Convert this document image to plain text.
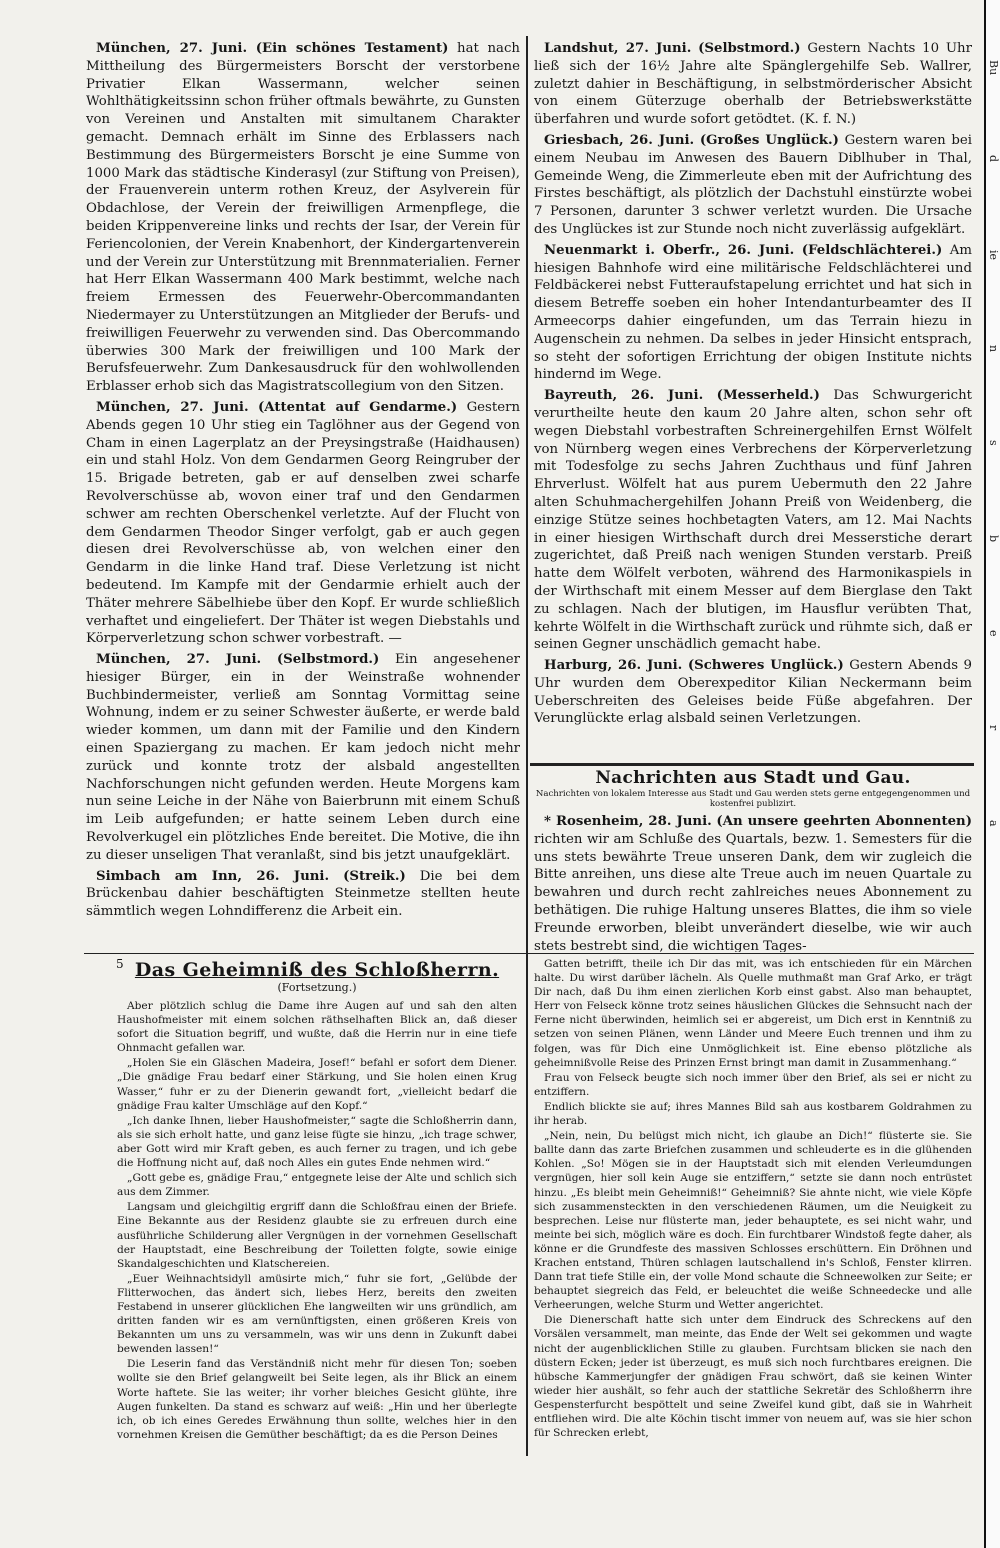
München, 27. Juni. (Ein schönes Testament) hat nach Mittheilung des Bürgermeisters Borscht der verstorbene Privatier Elkan Wassermann, welcher seinen Wohlthätigkeitssinn schon früher oftmals bewährte, zu Gunsten von Vereinen und Anstalten mit simultanem Charakter gemacht. Demnach erhält im Sinne des Erblassers nach Bestimmung des Bürgermeisters Borscht je eine Summe von 1000 Mark das städtische Kinderasyl (zur Stiftung von Preisen), der Frauenverein unterm rothen Kreuz, der Asylverein für Obdachlose, der Verein der freiwilligen Armenpflege, die beiden Krippenvereine links und rechts der Isar, der Verein für Feriencolonien, der Verein Knabenhort, der Kindergartenverein und der Verein zur Unterstützung mit Brennmaterialien. Ferner hat Herr Elkan Wassermann 400 Mark bestimmt, welche nach freiem Ermessen des Feuerwehr-Obercommandanten Niedermayer zu Unterstützungen an Mitglieder der Berufs- und freiwilligen Feuerwehr zu verwenden sind. Das Obercommando überwies 300 Mark der freiwilligen und 100 Mark der Berufsfeuerwehr. Zum Dankesausdruck für den wohlwollenden Erblasser erhob sich das Magistratscollegium von den Sitzen.

München, 27. Juni. (Attentat auf Gendarme.) Gestern Abends gegen 10 Uhr stieg ein Taglöhner aus der Gegend von Cham in einen Lagerplatz an der Preysingstraße (Haidhausen) ein und stahl Holz. Von dem Gendarmen Georg Reingruber der 15. Brigade betreten, gab er auf denselben zwei scharfe Revolverschüsse ab, wovon einer traf und den Gendarmen schwer am rechten Oberschenkel verletzte. Auf der Flucht von dem Gendarmen Theodor Singer verfolgt, gab er auch gegen diesen drei Revolverschüsse ab, von welchen einer den Gendarm in die linke Hand traf. Diese Verletzung ist nicht bedeutend. Im Kampfe mit der Gendarmie erhielt auch der Thäter mehrere Säbelhiebe über den Kopf. Er wurde schließlich verhaftet und eingeliefert. Der Thäter ist wegen Diebstahls und Körperverletzung schon schwer vorbestraft. —

München, 27. Juni. (Selbstmord.) Ein angesehener hiesiger Bürger, ein in der Weinstraße wohnender Buchbindermeister, verließ am Sonntag Vormittag seine Wohnung, indem er zu seiner Schwester äußerte, er werde bald wieder kommen, um dann mit der Familie und den Kindern einen Spaziergang zu machen. Er kam jedoch nicht mehr zurück und konnte trotz der alsbald angestellten Nachforschungen nicht gefunden werden. Heute Morgens kam nun seine Leiche in der Nähe von Baierbrunn mit einem Schuß im Leib aufgefunden; er hatte seinem Leben durch eine Revolverkugel ein plötzliches Ende bereitet. Die Motive, die ihn zu dieser unseligen That veranlaßt, sind bis jetzt unaufgeklärt.

Simbach am Inn, 26. Juni. (Streik.) Die bei dem Brückenbau dahier beschäftigten Steinmetze stellten heute sämmtlich wegen Lohndifferenz die Arbeit ein.

Landshut, 27. Juni. (Selbstmord.) Gestern Nachts 10 Uhr ließ sich der 16½ Jahre alte Spänglergehilfe Seb. Wallrer, zuletzt dahier in Beschäftigung, in selbstmörderischer Absicht von einem Güterzuge oberhalb der Betriebswerkstätte überfahren und wurde sofort getödtet. (K. f. N.)

Griesbach, 26. Juni. (Großes Unglück.) Gestern waren bei einem Neubau im Anwesen des Bauern Diblhuber in Thal, Gemeinde Weng, die Zimmerleute eben mit der Aufrichtung des Firstes beschäftigt, als plötzlich der Dachstuhl einstürzte wobei 7 Personen, darunter 3 schwer verletzt wurden. Die Ursache des Unglückes ist zur Stunde noch nicht zuverlässig aufgeklärt.

Neuenmarkt i. Oberfr., 26. Juni. (Feldschlächterei.) Am hiesigen Bahnhofe wird eine militärische Feldschlächterei und Feldbäckerei nebst Futteraufstapelung errichtet und hat sich in diesem Betreffe soeben ein hoher Intendanturbeamter des II Armeecorps dahier eingefunden, um das Terrain hiezu in Augenschein zu nehmen. Da selbes in jeder Hinsicht entsprach, so steht der sofortigen Errichtung der obigen Institute nichts hindernd im Wege.

Bayreuth, 26. Juni. (Messerheld.) Das Schwurgericht verurtheilte heute den kaum 20 Jahre alten, schon sehr oft wegen Diebstahl vorbestraften Schreinergehilfen Ernst Wölfelt von Nürnberg wegen eines Verbrechens der Körperverletzung mit Todesfolge zu sechs Jahren Zuchthaus und fünf Jahren Ehrverlust. Wölfelt hat aus purem Uebermuth den 22 Jahre alten Schuhmachergehilfen Johann Preiß von Weidenberg, die einzige Stütze seines hochbetagten Vaters, am 12. Mai Nachts in einer hiesigen Wirthschaft durch drei Messerstiche derart zugerichtet, daß Preiß nach wenigen Stunden verstarb. Preiß hatte dem Wölfelt verboten, während des Harmonikaspiels in der Wirthschaft mit einem Messer auf dem Bierglase den Takt zu schlagen. Nach der blutigen, im Hausflur verübten That, kehrte Wölfelt in die Wirthschaft zurück und rühmte sich, daß er seinen Gegner unschädlich gemacht habe.

Harburg, 26. Juni. (Schweres Unglück.) Gestern Abends 9 Uhr wurden dem Oberexpeditor Kilian Neckermann beim Ueberschreiten des Geleises beide Füße abgefahren. Der Verunglückte erlag alsbald seinen Verletzungen.

Nachrichten aus Stadt und Gau.
Nachrichten von lokalem Interesse aus Stadt und Gau werden stets gerne entgegengenommen und kostenfrei publizirt.

* Rosenheim, 28. Juni. (An unsere geehrten Abonnenten) richten wir am Schluße des Quartals, bezw. 1. Semesters für die uns stets bewährte Treue unseren Dank, dem wir zugleich die Bitte anreihen, uns diese alte Treue auch im neuen Quartale zu bewahren und durch recht zahlreiches neues Abonnement zu bethätigen. Die ruhige Haltung unseres Blattes, die ihm so viele Freunde erworben, bleibt unverändert dieselbe, wie wir auch stets bestrebt sind, die wichtigen Tages-

5 Das Geheimniß des Schloßherrn.
(Fortsetzung.)

Aber plötzlich schlug die Dame ihre Augen auf und sah den alten Haushofmeister mit einem solchen räthselhaften Blick an, daß dieser sofort die Situation begriff, und wußte, daß die Herrin nur in eine tiefe Ohnmacht gefallen war.

„Holen Sie ein Gläschen Madeira, Josef!“ befahl er sofort dem Diener. „Die gnädige Frau bedarf einer Stärkung, und Sie holen einen Krug Wasser,“ fuhr er zu der Dienerin gewandt fort, „vielleicht bedarf die gnädige Frau kalter Umschläge auf den Kopf.“

„Ich danke Ihnen, lieber Haushofmeister,“ sagte die Schloßherrin dann, als sie sich erholt hatte, und ganz leise fügte sie hinzu, „ich trage schwer, aber Gott wird mir Kraft geben, es auch ferner zu tragen, und ich gebe die Hoffnung nicht auf, daß noch Alles ein gutes Ende nehmen wird.“

„Gott gebe es, gnädige Frau,“ entgegnete leise der Alte und schlich sich aus dem Zimmer.

Langsam und gleichgiltig ergriff dann die Schloßfrau einen der Briefe. Eine Bekannte aus der Residenz glaubte sie zu erfreuen durch eine ausführliche Schilderung aller Vergnügen in der vornehmen Gesellschaft der Hauptstadt, eine Beschreibung der Toiletten folgte, sowie einige Skandalgeschichten und Klatschereien.

„Euer Weihnachtsidyll amüsirte mich,“ fuhr sie fort, „Gelübde der Flitterwochen, das ändert sich, liebes Herz, bereits den zweiten Festabend in unserer glücklichen Ehe langweilten wir uns gründlich, am dritten fanden wir es am vernünftigsten, einen größeren Kreis von Bekannten um uns zu versammeln, was wir uns denn in Zukunft dabei bewenden lassen!“

Die Leserin fand das Verständniß nicht mehr für diesen Ton; soeben wollte sie den Brief gelangweilt bei Seite legen, als ihr Blick an einem Worte haftete. Sie las weiter; ihr vorher bleiches Gesicht glühte, ihre Augen funkelten. Da stand es schwarz auf weiß: „Hin und her überlegte ich, ob ich eines Geredes Erwähnung thun sollte, welches hier in den vornehmen Kreisen die Gemüther beschäftigt; da es die Person Deines

Gatten betrifft, theile ich Dir das mit, was ich entschieden für ein Märchen halte. Du wirst darüber lächeln. Als Quelle muthmaßt man Graf Arko, er trägt Dir nach, daß Du ihm einen zierlichen Korb einst gabst. Also man behauptet, Herr von Felseck könne trotz seines häuslichen Glückes die Sehnsucht nach der Ferne nicht überwinden, heimlich sei er abgereist, um Dich erst in Kenntniß zu setzen von seinen Plänen, wenn Länder und Meere Euch trennen und ihm zu folgen, was für Dich eine Unmöglichkeit ist. Eine ebenso plötzliche als geheimnißvolle Reise des Prinzen Ernst bringt man damit in Zusammenhang.“

Frau von Felseck beugte sich noch immer über den Brief, als sei er nicht zu entziffern.

Endlich blickte sie auf; ihres Mannes Bild sah aus kostbarem Goldrahmen zu ihr herab.

„Nein, nein, Du belügst mich nicht, ich glaube an Dich!“ flüsterte sie. Sie ballte dann das zarte Briefchen zusammen und schleuderte es in die glühenden Kohlen. „So! Mögen sie in der Hauptstadt sich mit elenden Verleumdungen vergnügen, hier soll kein Auge sie entziffern,“ setzte sie dann noch entrüstet hinzu. „Es bleibt mein Geheimniß!“ Geheimniß? Sie ahnte nicht, wie viele Köpfe sich zusammensteckten in den verschiedenen Räumen, um die Neuigkeit zu besprechen. Leise nur flüsterte man, jeder behauptete, es sei nicht wahr, und meinte bei sich, möglich wäre es doch. Ein furchtbarer Windstoß fegte daher, als könne er die Grundfeste des massiven Schlosses erschüttern. Ein Dröhnen und Krachen entstand, Thüren schlagen lautschallend in's Schloß, Fenster klirren. Dann trat tiefe Stille ein, der volle Mond schaute die Schneewolken zur Seite; er behauptet siegreich das Feld, er beleuchtet die weiße Schneedecke und alle Verheerungen, welche Sturm und Wetter angerichtet.

Die Dienerschaft hatte sich unter dem Eindruck des Schreckens auf den Vorsälen versammelt, man meinte, das Ende der Welt sei gekommen und wagte nicht der augenblicklichen Stille zu glauben. Furchtsam blicken sie nach den düstern Ecken; jeder ist überzeugt, es muß sich noch furchtbares ereignen. Die hübsche Kammerjungfer der gnädigen Frau schwört, daß sie keinen Winter wieder hier aushält, so fehr auch der stattliche Sekretär des Schloßherrn ihre Gespensterfurcht bespöttelt und seine Zweifel kund gibt, daß sie in Wahrheit entfliehen wird. Die alte Köchin tischt immer von neuem auf, was sie hier schon für Schrecken erlebt,

Bu
d
ie
n
s
b
e
r
a
